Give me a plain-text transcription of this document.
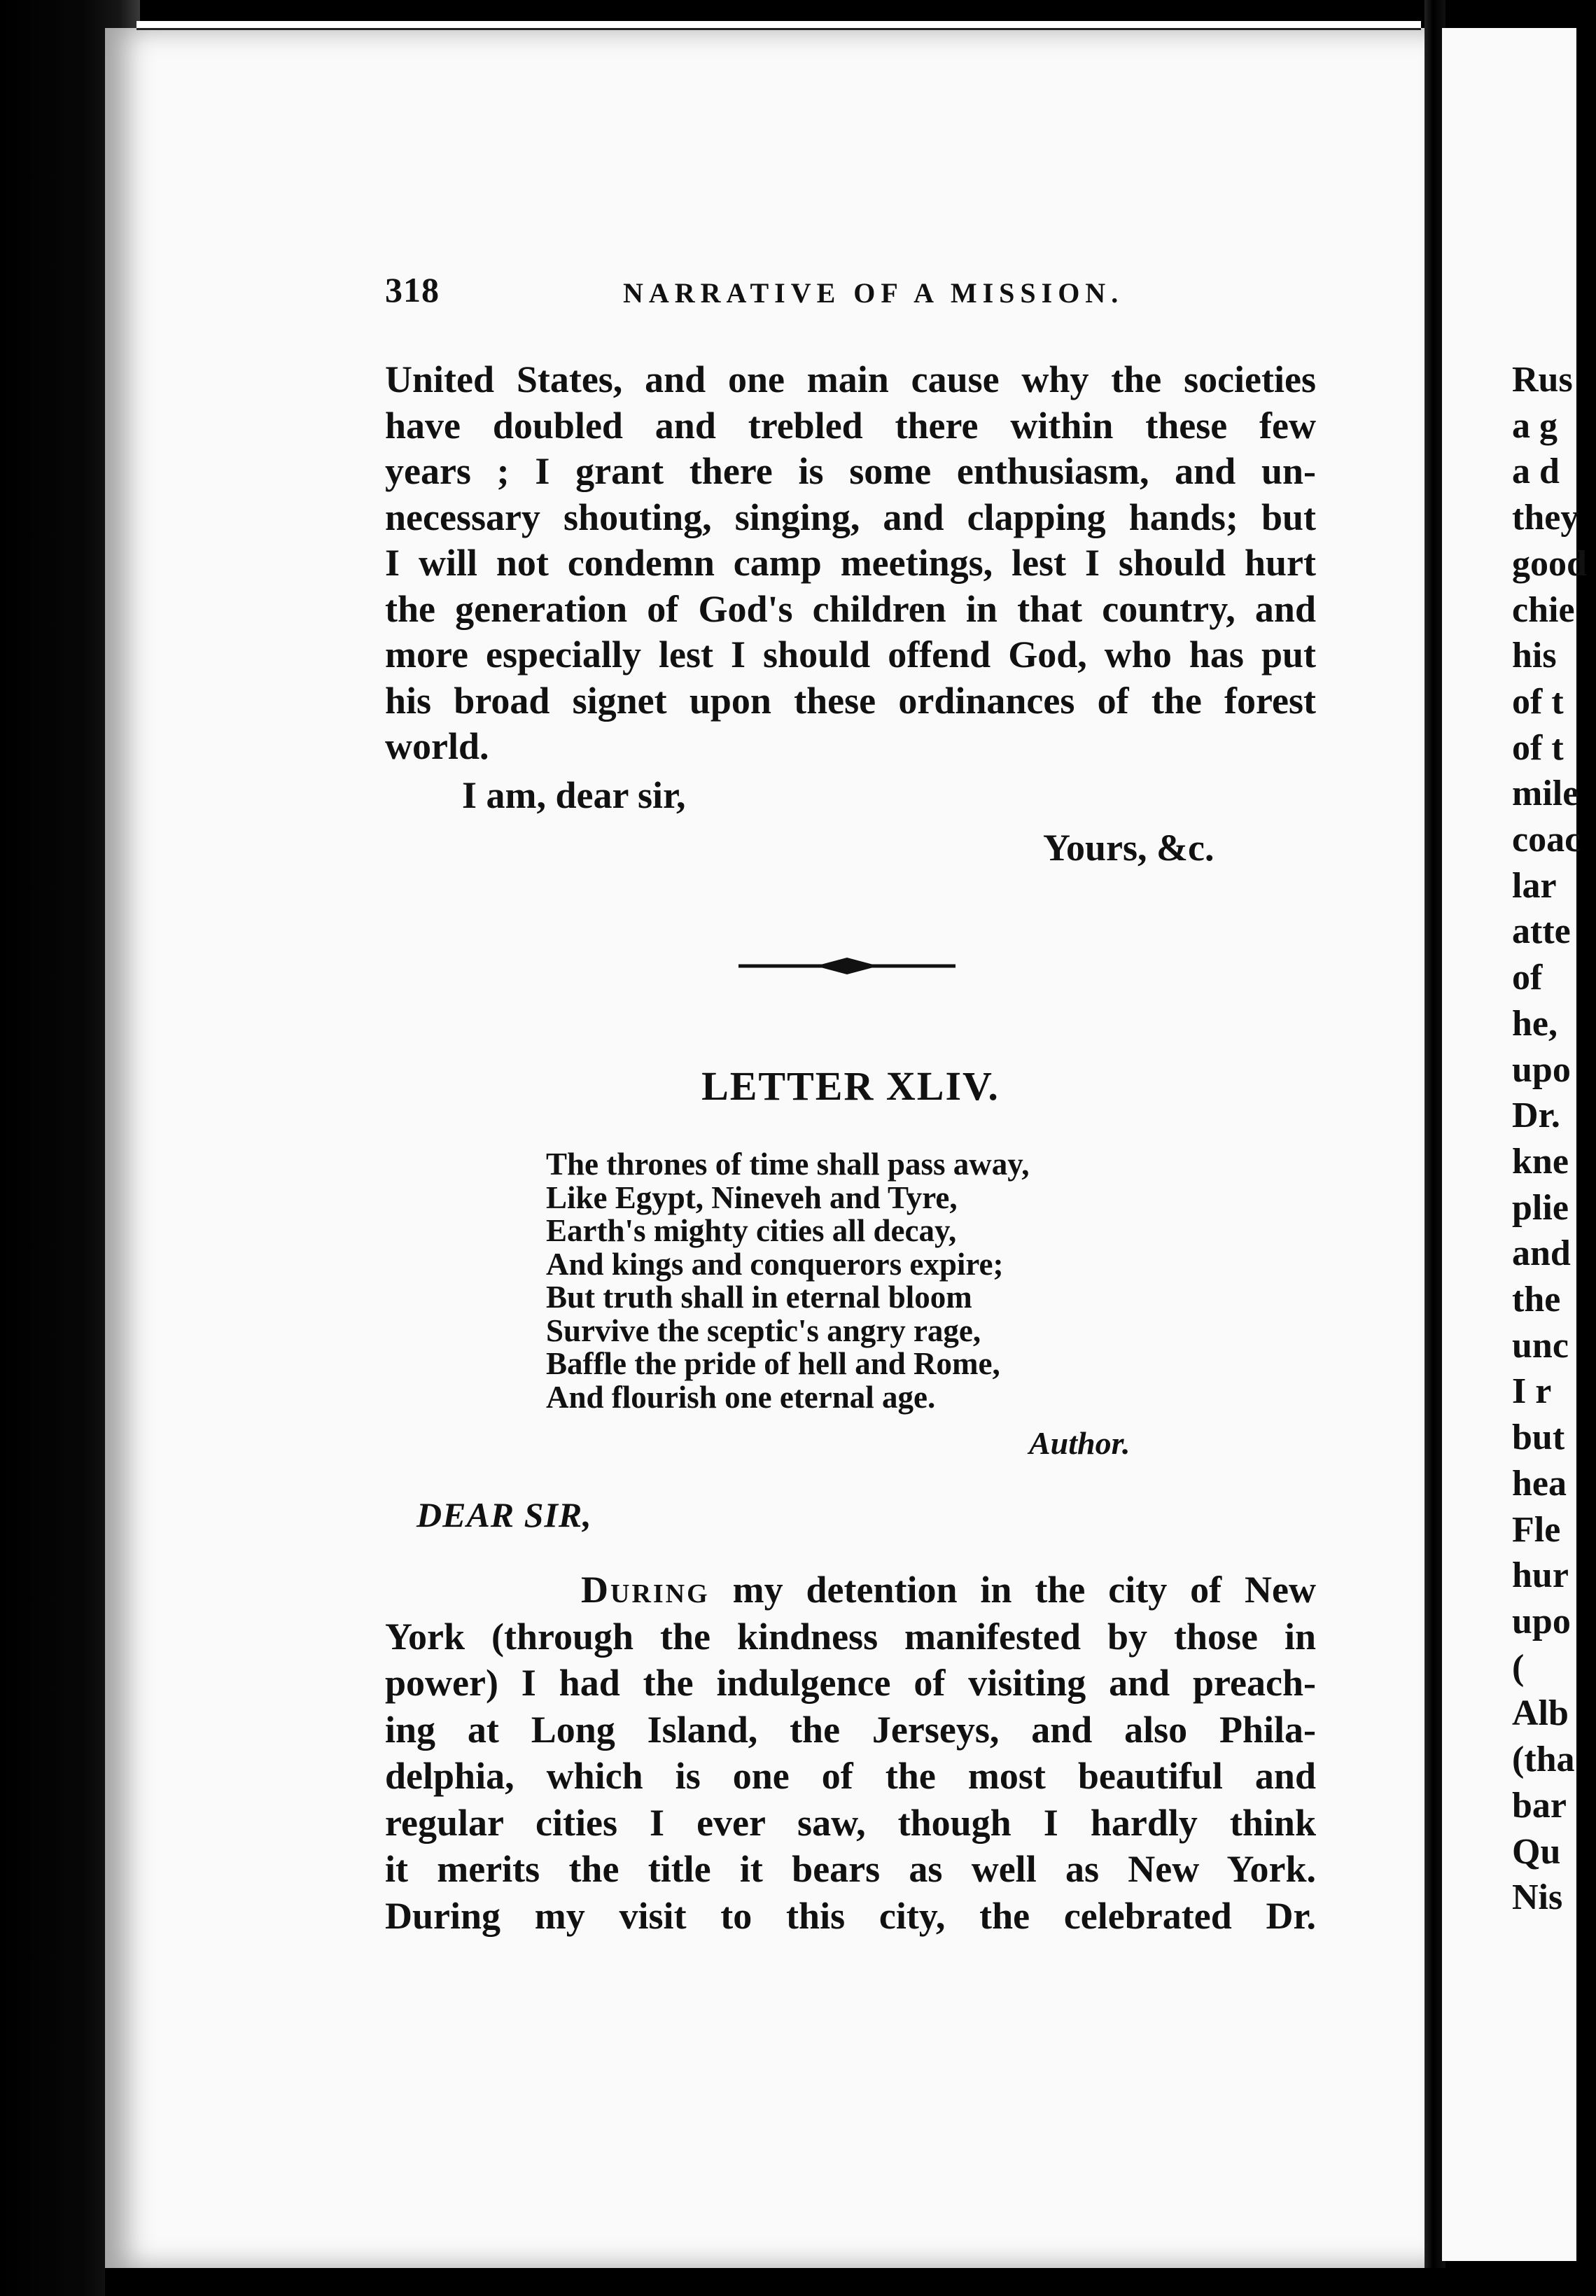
318	NARRATIVE OF A MISSION.
United States, and one main cause why the societies
have doubled and trebled there within these few
years ; I grant there is some enthusiasm, and un-
necessary shouting, singing, and clapping hands; but
I will not condemn camp meetings, lest I should hurt
the generation of God's children in that country, and
more especially lest I should offend God, who has put
his broad signet upon these ordinances of the forest
world.
I am, dear sir,
Yours, &c.
LETTER XLIV.
The thrones of time shall pass away,
Like Egypt, Nineveh and Tyre,
Earth's mighty cities all decay,
And kings and conquerors expire;
But truth shall in eternal bloom
Survive the sceptic's angry rage,
Baffle the pride of hell and Rome,
And flourish one eternal age.
Author.
DEAR SIR,
During my detention in the city of New
York (through the kindness manifested by those in
power) I had the indulgence of visiting and preach-
ing at Long Island, the Jerseys, and also Phila-
delphia, which is one of the most beautiful and
regular cities I ever saw, though I hardly think
it merits the title it bears as well as New York.
During my visit to this city, the celebrated Dr.
Rus
a g
a d
they
good
chie
his
of t
of t
mile
coac
lar
atte
of
he,
upo
Dr.
kne
plie
and
the
unc
I r
but
hea
Fle
hur
upo
(
Alb
(tha
bar
Qu
Nis
